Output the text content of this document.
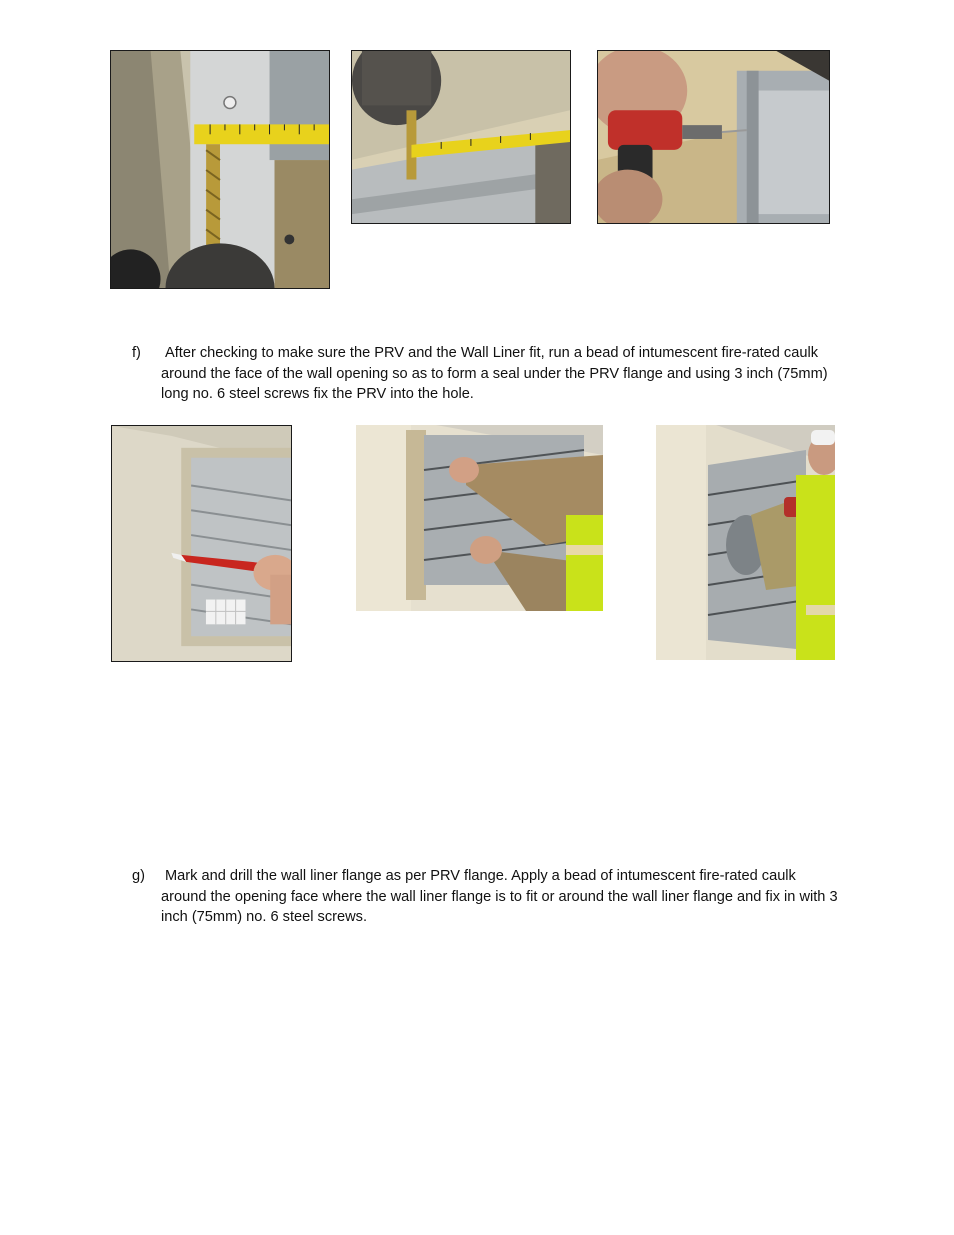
f)	After checking to make sure the PRV and the Wall Liner fit, run a bead of intumescent fire-rated caulk around the face of the wall opening so as to form a seal under the PRV flange and using 3 inch (75mm) long no. 6 steel screws fix the PRV into the hole.
g)	Mark and drill the wall liner flange as per PRV flange. Apply a bead of intumescent fire-rated caulk around the opening face where the wall liner flange is to fit or around the wall liner flange and fix in with 3 inch (75mm) no. 6 steel screws.
